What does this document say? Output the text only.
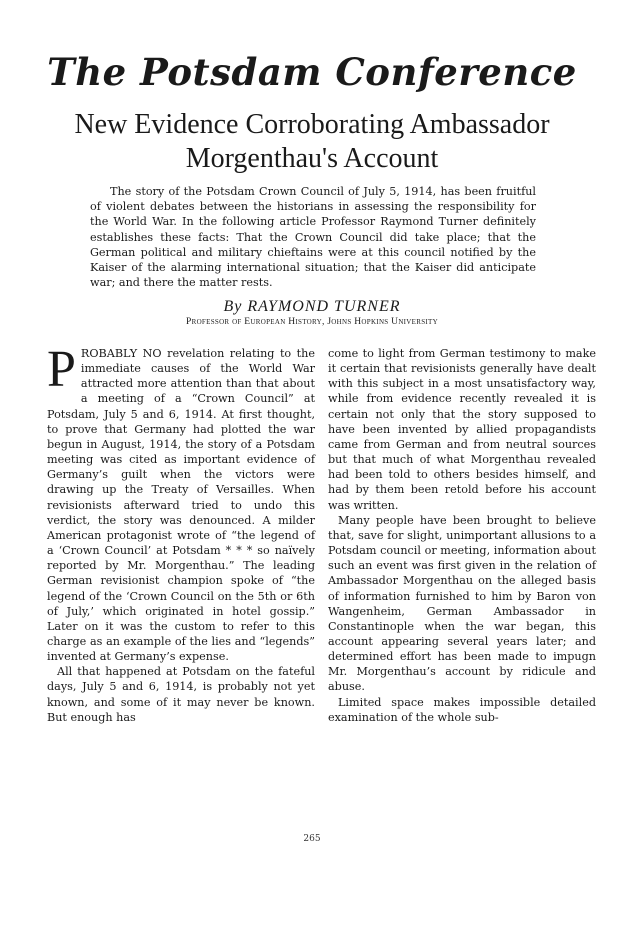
The Potsdam Conference
New Evidence Corroborating Ambassador Morgenthau's Account

The story of the Potsdam Crown Council of July 5, 1914, has been fruitful of violent debates between the historians in assessing the responsibility for the World War. In the following article Professor Raymond Turner definitely establishes these facts: That the Crown Council did take place; that the German political and military chieftains were at this council notified by the Kaiser of the alarming international situation; that the Kaiser did anticipate war; and there the matter rests.

By RAYMOND TURNER
Professor of European History, Johns Hopkins University

PROBABLY NO revelation relating to the immediate causes of the World War attracted more attention than that about a meeting of a “Crown Council” at Potsdam, July 5 and 6, 1914. At first thought, to prove that Germany had plotted the war begun in August, 1914, the story of a Potsdam meeting was cited as important evidence of Germany’s guilt when the victors were drawing up the Treaty of Versailles. When revisionists afterward tried to undo this verdict, the story was denounced. A milder American protagonist wrote of “the legend of a ‘Crown Council’ at Potsdam * * * so naïvely reported by Mr. Morgenthau.” The leading German revisionist champion spoke of “the legend of the ‘Crown Council on the 5th or 6th of July,’ which originated in hotel gossip.” Later on it was the custom to refer to this charge as an example of the lies and “legends” invented at Germany’s expense.

All that happened at Potsdam on the fateful days, July 5 and 6, 1914, is probably not yet known, and some of it may never be known. But enough has

come to light from German testimony to make it certain that revisionists generally have dealt with this subject in a most unsatisfactory way, while from evidence recently revealed it is certain not only that the story supposed to have been invented by allied propagandists came from German and from neutral sources but that much of what Morgenthau revealed had been told to others besides himself, and had by them been retold before his account was written.

Many people have been brought to believe that, save for slight, unimportant allusions to a Potsdam council or meeting, information about such an event was first given in the relation of Ambassador Morgenthau on the alleged basis of information furnished to him by Baron von Wangenheim, German Ambassador in Constantinople when the war began, this account appearing several years later; and determined effort has been made to impugn Mr. Morgenthau’s account by ridicule and abuse.

Limited space makes impossible detailed examination of the whole sub-

265
